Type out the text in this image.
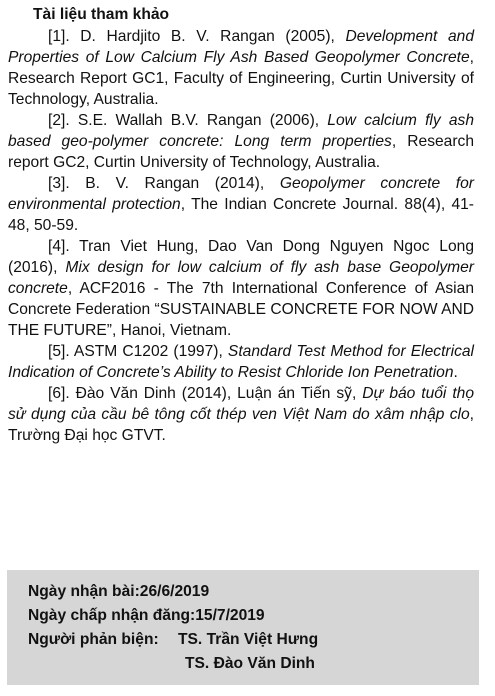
Tài liệu tham khảo

[1]. D. Hardjito B. V. Rangan (2005), Development and Properties of Low Calcium Fly Ash Based Geopolymer Concrete, Research Report GC1, Faculty of Engineering, Curtin University of Technology, Australia.

[2]. S.E. Wallah B.V. Rangan (2006), Low calcium fly ash based geo-polymer concrete: Long term properties, Research report GC2, Curtin University of Technology, Australia.

[3]. B. V. Rangan (2014), Geopolymer concrete for environmental protection, The Indian Concrete Journal. 88(4), 41-48, 50-59.

[4]. Tran Viet Hung, Dao Van Dong Nguyen Ngoc Long (2016), Mix design for low calcium of fly ash base Geopolymer concrete, ACF2016 - The 7th International Conference of Asian Concrete Federation “SUSTAINABLE CONCRETE FOR NOW AND THE FUTURE”, Hanoi, Vietnam.

[5]. ASTM C1202 (1997), Standard Test Method for Electrical Indication of Concrete’s Ability to Resist Chloride Ion Penetration.

[6]. Đào Văn Dinh (2014), Luận án Tiến sỹ, Dự báo tuổi thọ sử dụng của cầu bê tông cốt thép ven Việt Nam do xâm nhập clo, Trường Đại học GTVT.

Ngày nhận bài:26/6/2019
Ngày chấp nhận đăng:15/7/2019
Người phản biện:TS. Trần Việt Hưng
TS. Đào Văn Dinh
